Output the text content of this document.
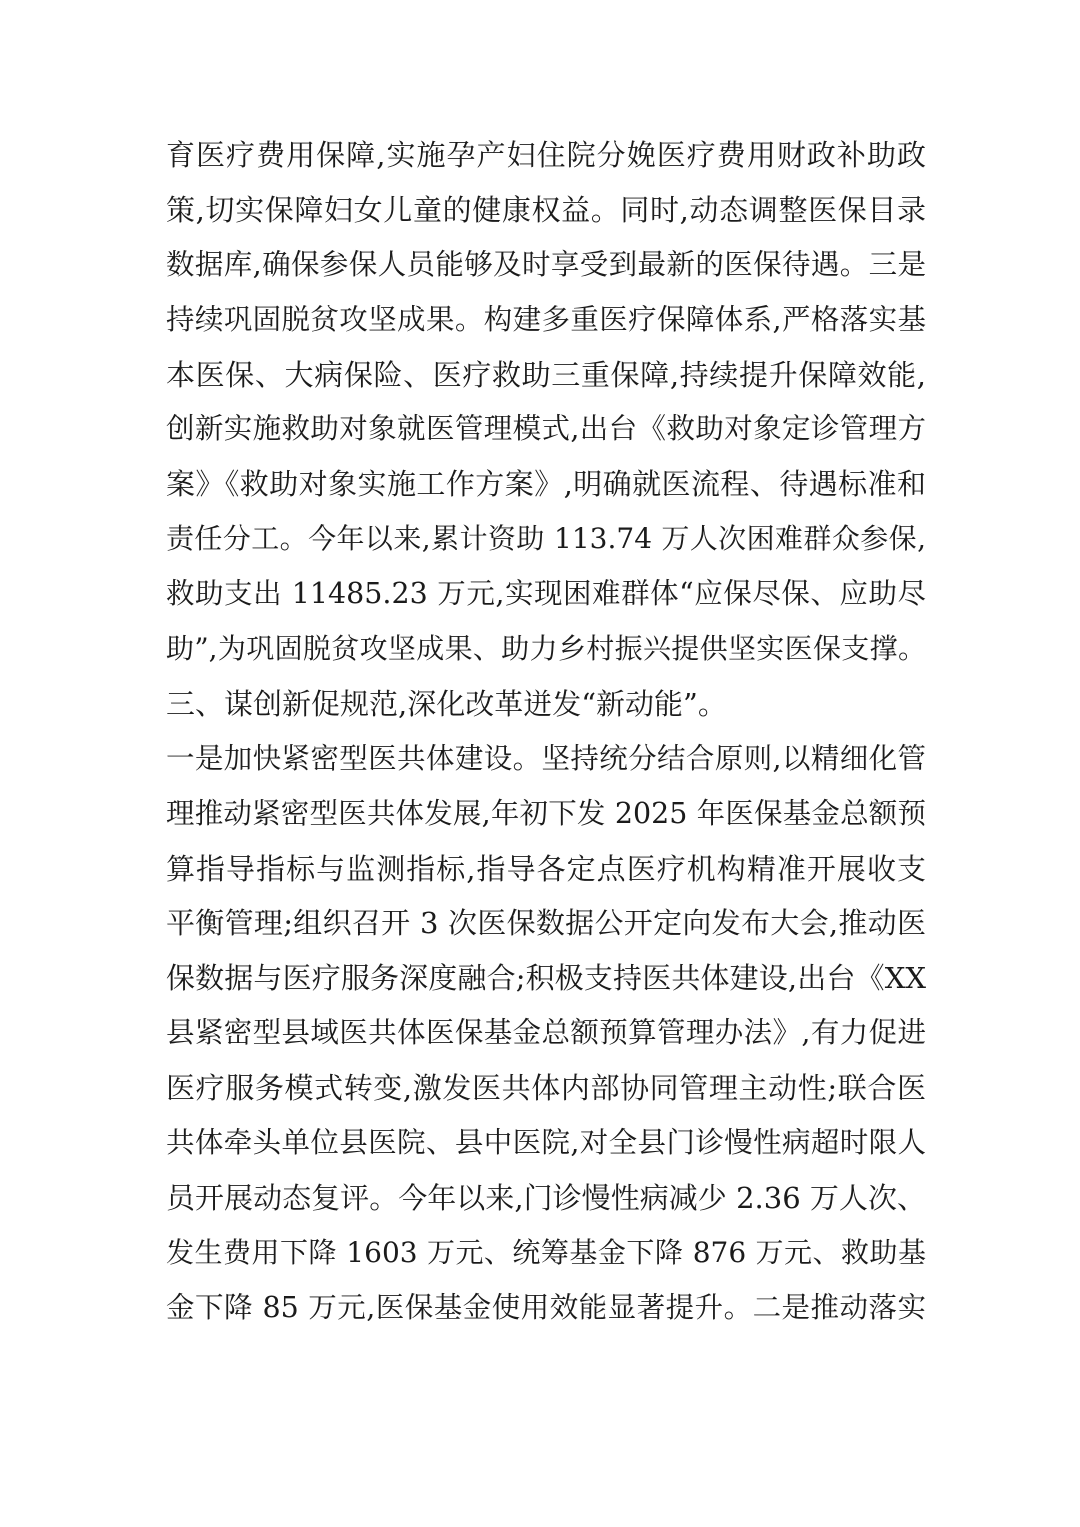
育医疗费用保障,实施孕产妇住院分娩医疗费用财政补助政
策,切实保障妇女儿童的健康权益。同时,动态调整医保目录
数据库,确保参保人员能够及时享受到最新的医保待遇。三是
持续巩固脱贫攻坚成果。构建多重医疗保障体系,严格落实基
本医保、大病保险、医疗救助三重保障,持续提升保障效能,
创新实施救助对象就医管理模式,出台《救助对象定诊管理方
案》《救助对象实施工作方案》,明确就医流程、待遇标准和
责任分工。今年以来,累计资助 113.74 万人次困难群众参保,
救助支出 11485.23 万元,实现困难群体“应保尽保、应助尽
助”,为巩固脱贫攻坚成果、助力乡村振兴提供坚实医保支撑。
三、谋创新促规范,深化改革迸发“新动能”。
一是加快紧密型医共体建设。坚持统分结合原则,以精细化管
理推动紧密型医共体发展,年初下发 2025 年医保基金总额预
算指导指标与监测指标,指导各定点医疗机构精准开展收支
平衡管理;组织召开 3 次医保数据公开定向发布大会,推动医
保数据与医疗服务深度融合;积极支持医共体建设,出台《XX
县紧密型县域医共体医保基金总额预算管理办法》,有力促进
医疗服务模式转变,激发医共体内部协同管理主动性;联合医
共体牵头单位县医院、县中医院,对全县门诊慢性病超时限人
员开展动态复评。今年以来,门诊慢性病减少 2.36 万人次、
发生费用下降 1603 万元、统筹基金下降 876 万元、救助基
金下降 85 万元,医保基金使用效能显著提升。二是推动落实
